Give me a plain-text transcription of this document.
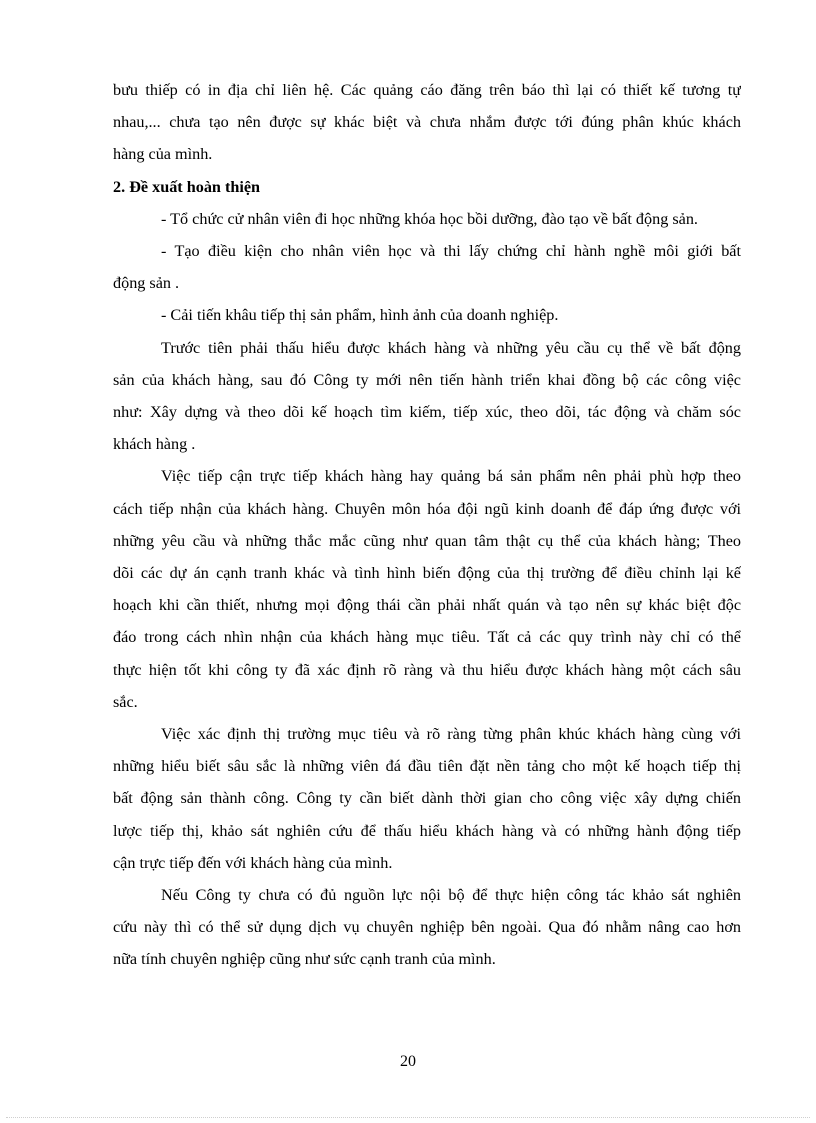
bưu thiếp có in địa chỉ liên hệ. Các quảng cáo đăng trên báo thì lại có thiết kế tương tự

nhau,... chưa tạo nên được sự khác biệt và chưa nhắm được tới đúng phân khúc khách

hàng của mình.

2. Đề xuất hoàn thiện

- Tổ chức cử nhân viên đi học những khóa học bồi dưỡng, đào tạo về bất động sản.

- Tạo điều kiện cho nhân viên học và thi lấy chứng chỉ hành nghề môi giới bất

động sản .

- Cải tiến khâu tiếp thị sản phẩm, hình ảnh của doanh nghiệp.

Trước tiên phải thấu hiểu được khách hàng và những yêu cầu cụ thể về bất động

sản của khách hàng, sau đó Công ty mới nên tiến hành triển khai đồng bộ các công việc

như: Xây dựng và theo dõi kế hoạch tìm kiếm, tiếp xúc, theo dõi, tác động và chăm sóc

khách hàng .

Việc tiếp cận trực tiếp khách hàng hay quảng bá sản phẩm nên phải phù hợp theo

cách tiếp nhận của khách hàng. Chuyên môn hóa đội ngũ kinh doanh để đáp ứng được với

những yêu cầu và những thắc mắc cũng như quan tâm thật cụ thể của khách hàng; Theo

dõi các dự án cạnh tranh khác và tình hình biến động của thị trường để điều chỉnh lại kế

hoạch khi cần thiết, nhưng mọi động thái cần phải nhất quán và tạo nên sự khác biệt độc

đáo trong cách nhìn nhận của khách hàng mục tiêu. Tất cả các quy trình này chỉ có thể

thực hiện tốt khi công ty đã xác định rõ ràng và thu hiểu được khách hàng một cách sâu

sắc.

Việc xác định thị trường mục tiêu và rõ ràng từng phân khúc khách hàng cùng với

những hiểu biết sâu sắc là những viên đá đầu tiên đặt nền tảng cho một kế hoạch tiếp thị

bất động sản thành công. Công ty cần biết dành thời gian cho công việc xây dựng chiến

lược tiếp thị, khảo sát nghiên cứu để thấu hiểu khách hàng và có những hành động tiếp

cận trực tiếp đến với khách hàng của mình.

Nếu Công ty chưa có đủ nguồn lực nội bộ để thực hiện công tác khảo sát nghiên

cứu này thì có thể sử dụng dịch vụ chuyên nghiệp bên ngoài. Qua đó nhằm nâng cao hơn

nữa tính chuyên nghiệp cũng như sức cạnh tranh của mình.

20
